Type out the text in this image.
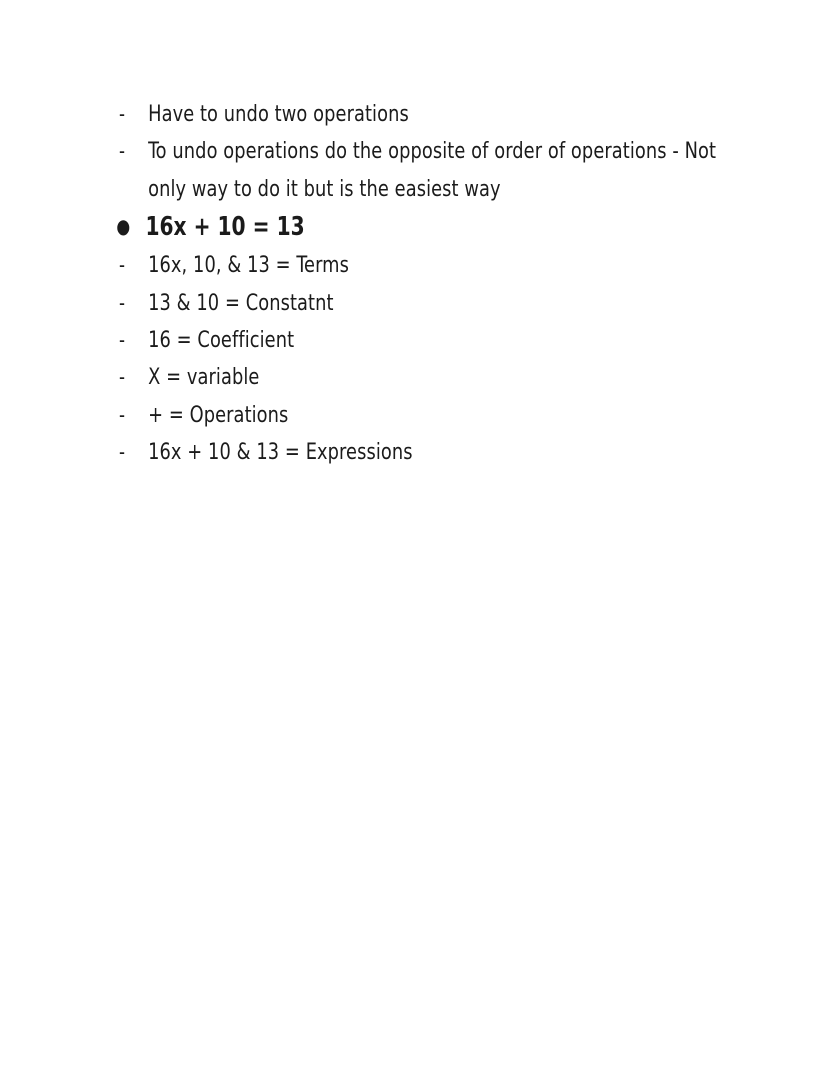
-	Have to undo two operations
-	To undo operations do the opposite of order of operations - Not only way to do it but is the easiest way
● 16x + 10 = 13
-	16x, 10, & 13 = Terms
-	13 & 10 = Constatnt
-	16 = Coefficient
-	X = variable
-	+ = Operations
-	16x + 10 & 13 = Expressions
